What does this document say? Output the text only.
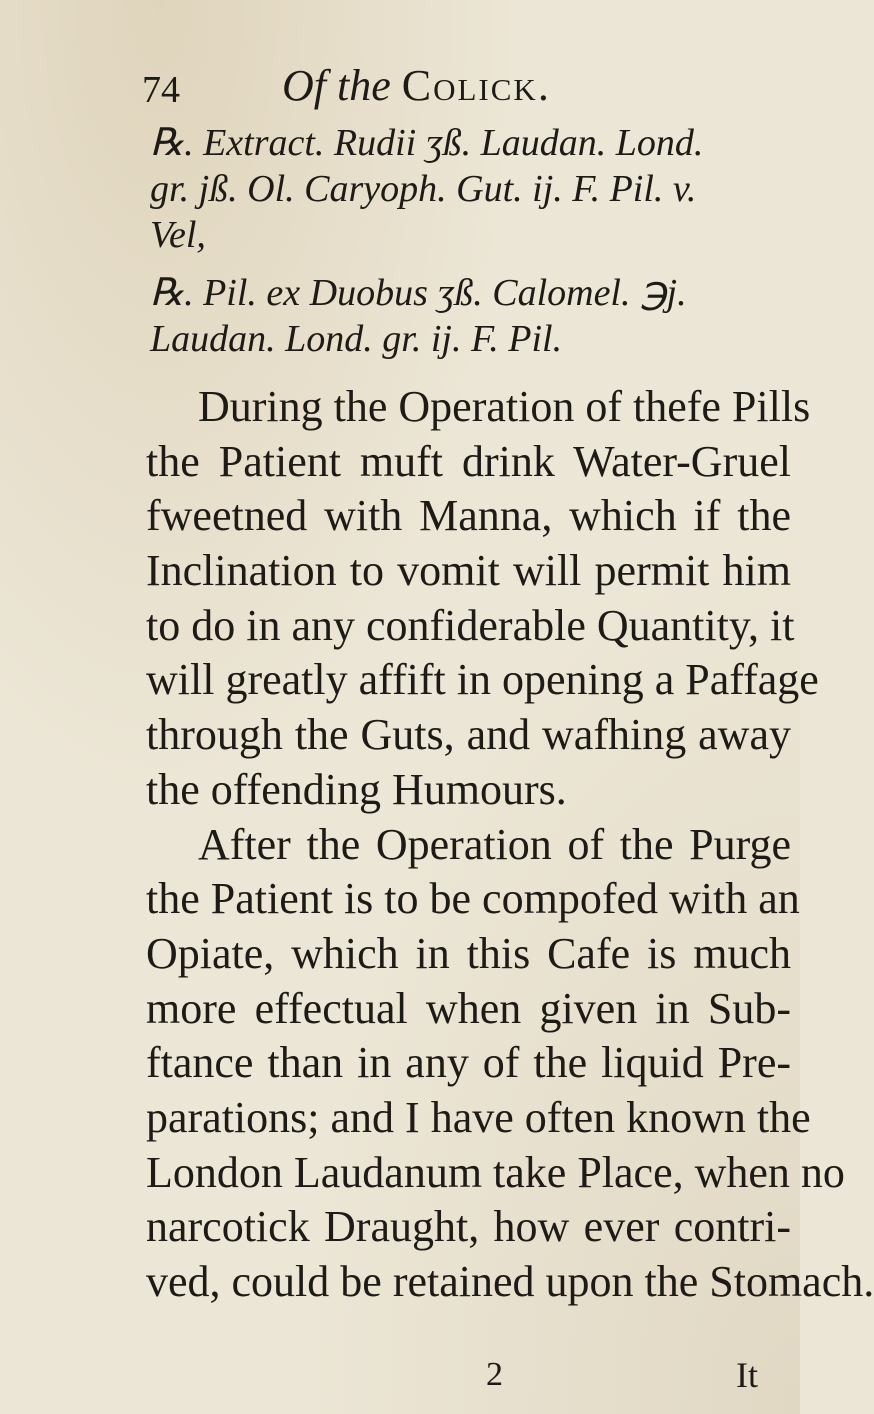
74 Of the Colick.
℞. Extract. Rudii ʒß. Laudan. Lond.
gr. jß. Ol. Caryoph. Gut. ij. F. Pil. v.
Vel,
℞. Pil. ex Duobus ʒß. Calomel. ℈j.
Laudan. Lond. gr. ij. F. Pil.
During the Operation of thefe Pills
the Patient muft drink Water-Gruel
fweetned with Manna, which if the
Inclination to vomit will permit him
to do in any confiderable Quantity, it
will greatly affift in opening a Paffage
through the Guts, and wafhing away
the offending Humours.
After the Operation of the Purge
the Patient is to be compofed with an
Opiate, which in this Cafe is much
more effectual when given in Sub-
ftance than in any of the liquid Pre-
parations; and I have often known the
London Laudanum take Place, when no
narcotick Draught, how ever contri-
ved, could be retained upon the Stomach.
2	It
